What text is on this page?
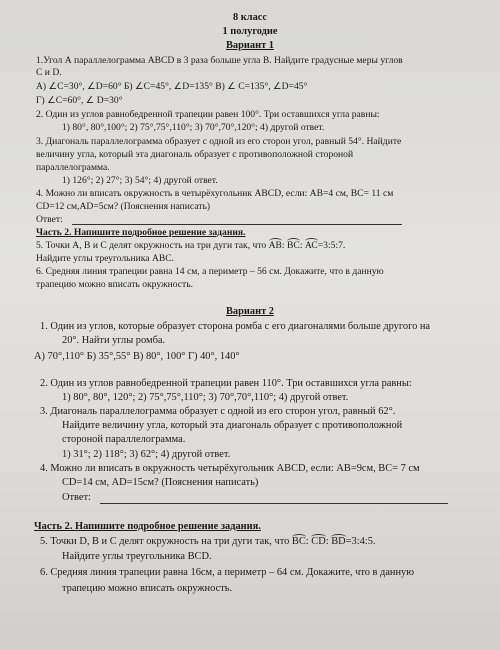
8 класс
1 полугодие
Вариант 1
1.Угол А параллелограмма ABCD в 3 раза больше угла В. Найдите градусные меры углов
С и D.
А) ∠С=30°, ∠D=60° Б) ∠С=45°, ∠D=135° В) ∠ С=135°, ∠D=45°
Г) ∠С=60°, ∠ D=30°
2. Один из углов равнобедренной трапеции равен 100°. Три оставшихся угла равны:
1) 80°, 80°,100°; 2) 75°,75°,110°; 3) 70°,70°,120°; 4) другой ответ.
3. Диагональ параллелограмма образует с одной из его сторон угол, равный 54°. Найдите
величину угла, который эта диагональ образует с противоположной стороной
параллелограмма.
1) 126°; 2) 27°; 3) 54°; 4) другой ответ.
4. Можно ли вписать окружность в четырёхугольник ABCD, если: AB=4 см, BC= 11 см
CD=12 см,AD=5см? (Пояснения написать)
Ответ:
Часть 2. Напишите подробное решение задания.
5. Точки А, В и С делят окружность на три дуги так, что АВ: ВС: АС=3:5:7.
Найдите углы треугольника АВС.
6. Средняя линия трапеции равна 14 см, а периметр – 56 см. Докажите, что в данную
трапецию можно вписать окружность.
Вариант 2
1. Один из углов, которые образует сторона ромба с его диагоналями больше другого на
20°. Найти углы ромба.
А) 70°,110° Б) 35°,55° В) 80°, 100° Г) 40°, 140°
2. Один из углов равнобедренной трапеции равен 110°. Три оставшихся угла равны:
1) 80°, 80°, 120°; 2) 75°,75°,110°; 3) 70°,70°,110°; 4) другой ответ.
3. Диагональ параллелограмма образует с одной из его сторон угол, равный 62°.
Найдите величину угла, который эта диагональ образует с противоположной
стороной параллелограмма.
1) 31°; 2) 118°; 3) 62°; 4) другой ответ.
4. Можно ли вписать в окружность четырёхугольник ABCD, если: AB=9см, BC= 7 см
CD=14 см, AD=15см? (Пояснения написать)
Ответ:
Часть 2. Напишите подробное решение задания.
5. Точки D, В и С делят окружность на три дуги так, что ВС: CD: BD=3:4:5.
Найдите углы треугольника ВСD.
6. Средняя линия трапеции равна 16см, а периметр – 64 см. Докажите, что в данную
трапецию можно вписать окружность.
